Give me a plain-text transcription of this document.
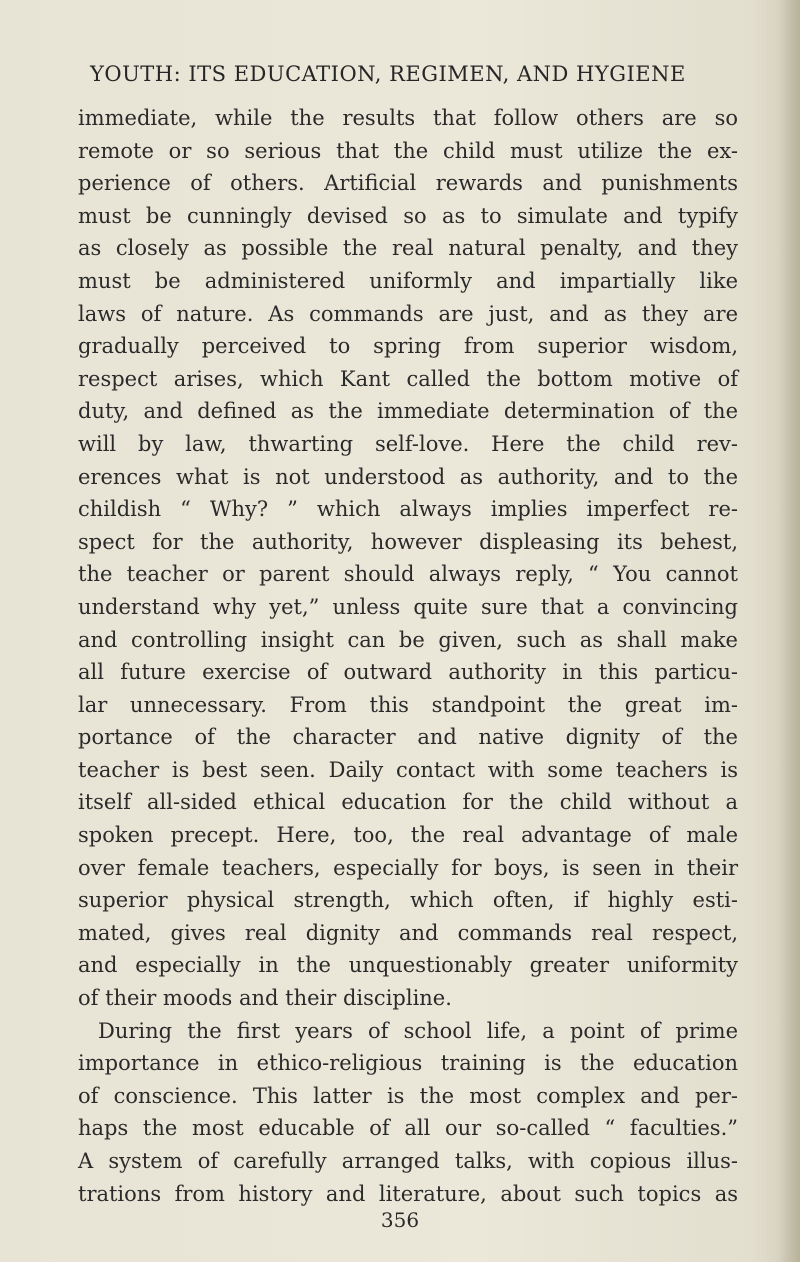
YOUTH: ITS EDUCATION, REGIMEN, AND HYGIENE
immediate, while the results that follow others are so
remote or so serious that the child must utilize the ex-
perience of others. Artificial rewards and punishments
must be cunningly devised so as to simulate and typify
as closely as possible the real natural penalty, and they
must be administered uniformly and impartially like
laws of nature. As commands are just, and as they are
gradually perceived to spring from superior wisdom,
respect arises, which Kant called the bottom motive of
duty, and defined as the immediate determination of the
will by law, thwarting self-love. Here the child rev-
erences what is not understood as authority, and to the
childish “ Why? ” which always implies imperfect re-
spect for the authority, however displeasing its behest,
the teacher or parent should always reply, “ You cannot
understand why yet,” unless quite sure that a convincing
and controlling insight can be given, such as shall make
all future exercise of outward authority in this particu-
lar unnecessary. From this standpoint the great im-
portance of the character and native dignity of the
teacher is best seen. Daily contact with some teachers is
itself all-sided ethical education for the child without a
spoken precept. Here, too, the real advantage of male
over female teachers, especially for boys, is seen in their
superior physical strength, which often, if highly esti-
mated, gives real dignity and commands real respect,
and especially in the unquestionably greater uniformity
of their moods and their discipline.
During the first years of school life, a point of prime
importance in ethico-religious training is the education
of conscience. This latter is the most complex and per-
haps the most educable of all our so-called “ faculties.”
A system of carefully arranged talks, with copious illus-
trations from history and literature, about such topics as
356
